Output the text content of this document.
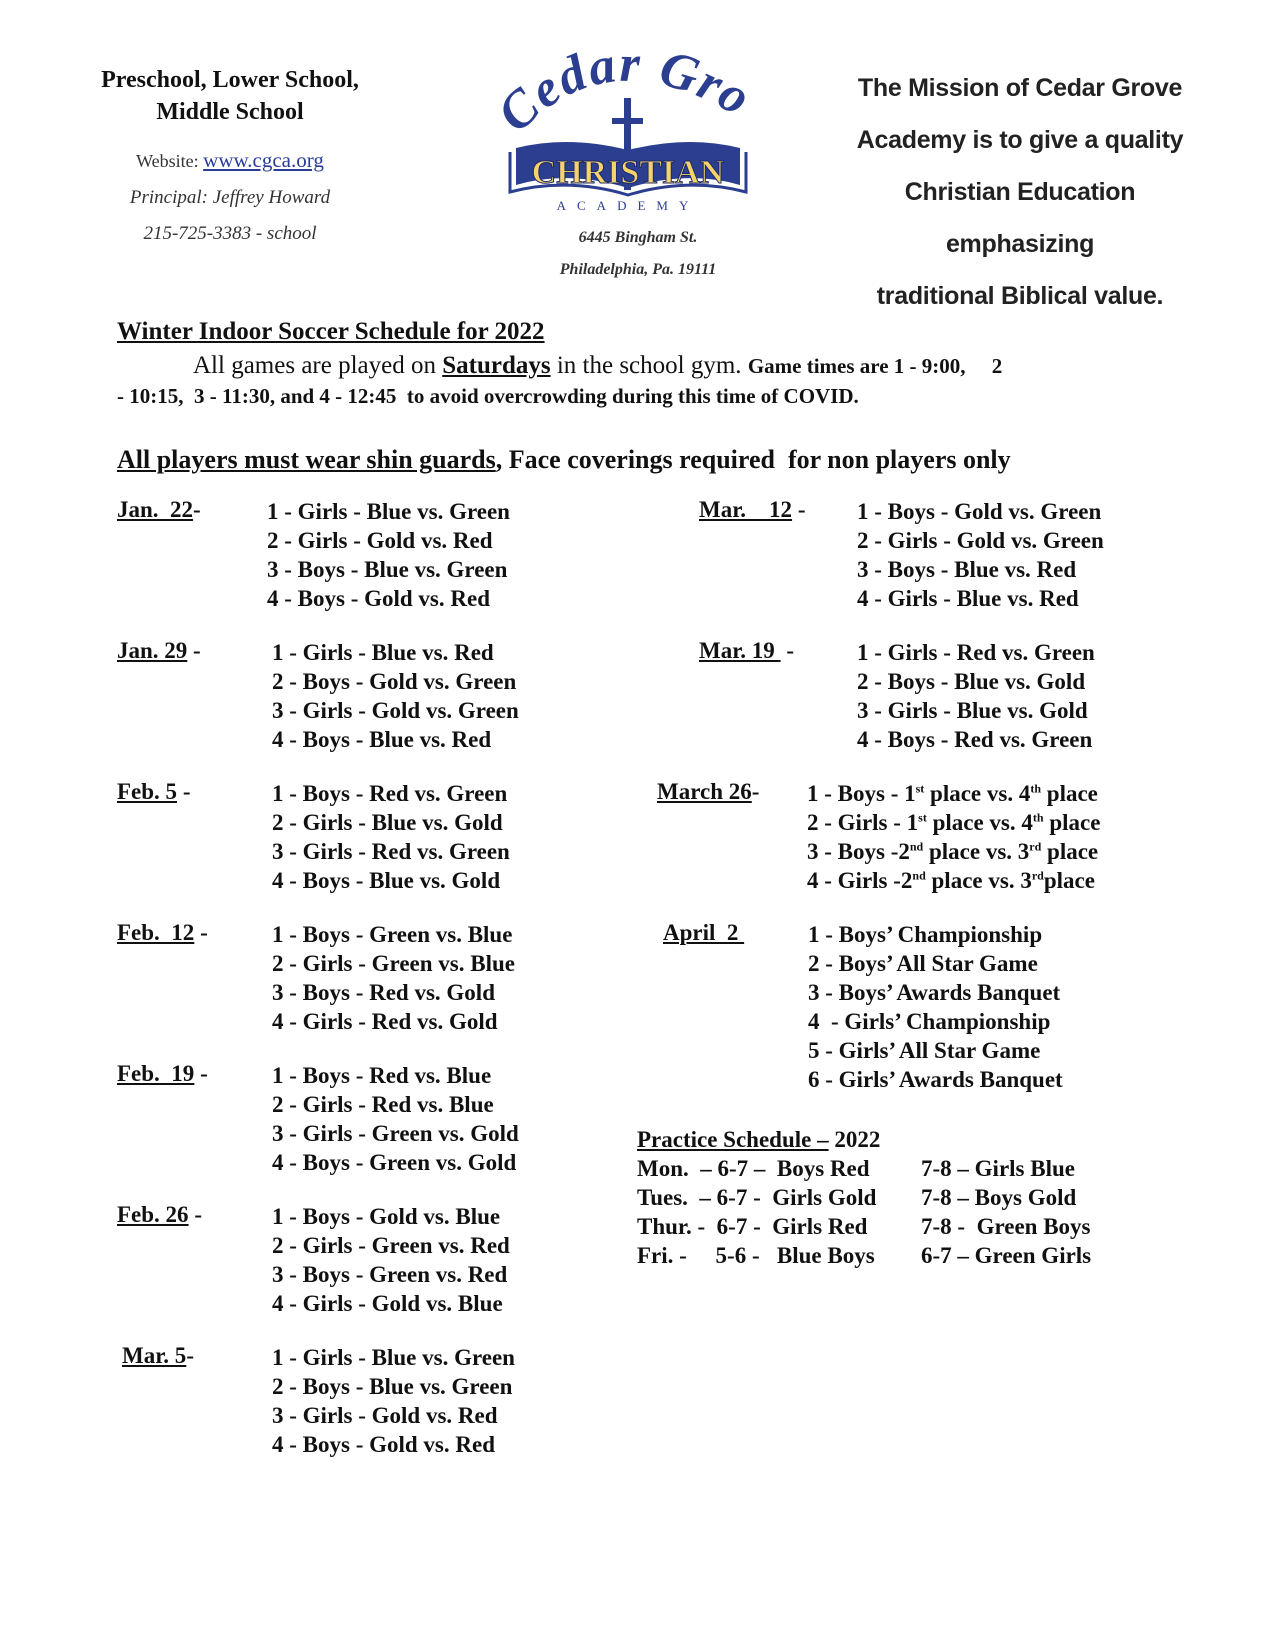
Preschool, Lower School,
Middle School
Website: www.cgca.org
Principal: Jeffrey Howard
215-725-3383 - school
edar Gro
CHRISTIAN
ACADEMY
6445 Bingham St.
Philadelphia, Pa. 19111
The Mission of Cedar Grove
Academy is to give a quality
Christian Education emphasizing
traditional Biblical value.
Winter Indoor Soccer Schedule for 2022
All games are played on Saturdays in the school gym. Game times are 1 - 9:00,     2
- 10:15,  3 - 11:30, and 4 - 12:45  to avoid overcrowding during this time of COVID.
All players must wear shin guards, Face coverings required  for non players only
Jan.  22-	1 - Girls - Blue vs. Green
2 - Girls - Gold vs. Red
3 - Boys - Blue vs. Green
4 - Boys - Gold vs. Red
Jan. 29 -	1 - Girls - Blue vs. Red
2 - Boys - Gold vs. Green
3 - Girls - Gold vs. Green
4 - Boys - Blue vs. Red
Feb. 5 -	1 - Boys - Red vs. Green
2 - Girls - Blue vs. Gold
3 - Girls - Red vs. Green
4 - Boys - Blue vs. Gold
Feb.  12 -	1 - Boys - Green vs. Blue
2 - Girls - Green vs. Blue
3 - Boys - Red vs. Gold
4 - Girls - Red vs. Gold
Feb.  19 -	1 - Boys - Red vs. Blue
2 - Girls - Red vs. Blue
3 - Girls - Green vs. Gold
4 - Boys - Green vs. Gold
Feb. 26 -	1 - Boys - Gold vs. Blue
2 - Girls - Green vs. Red
3 - Boys - Green vs. Red
4 - Girls - Gold vs. Blue
Mar. 5-	1 - Girls - Blue vs. Green
2 - Boys - Blue vs. Green
3 - Girls - Gold vs. Red
4 - Boys - Gold vs. Red
Mar.    12 - 1 - Boys - Gold vs. Green
2 - Girls - Gold vs. Green
3 - Boys - Blue vs. Red
4 - Girls - Blue vs. Red
Mar. 19  -	1 - Girls - Red vs. Green
2 - Boys - Blue vs. Gold
3 - Girls - Blue vs. Gold
4 - Boys - Red vs. Green
March 26- 1 - Boys - 1st place vs. 4th place
2 - Girls - 1st place vs. 4th place
3 - Boys -2nd place vs. 3rd place
4 - Girls -2nd place vs. 3rdplace
April  2	1 - Boys’ Championship
2 - Boys’ All Star Game
3 - Boys’ Awards Banquet
4  - Girls’ Championship
5 - Girls’ All Star Game
6 - Girls’ Awards Banquet
Practice Schedule – 2022
Mon.  – 6-7 –  Boys Red 7-8 – Girls Blue
Tues.  – 6-7 -  Girls Gold 7-8 – Boys Gold
Thur. -  6-7 -  Girls Red 7-8 -  Green Boys
Fri. -     5-6 -   Blue Boys 6-7 – Green Girls
